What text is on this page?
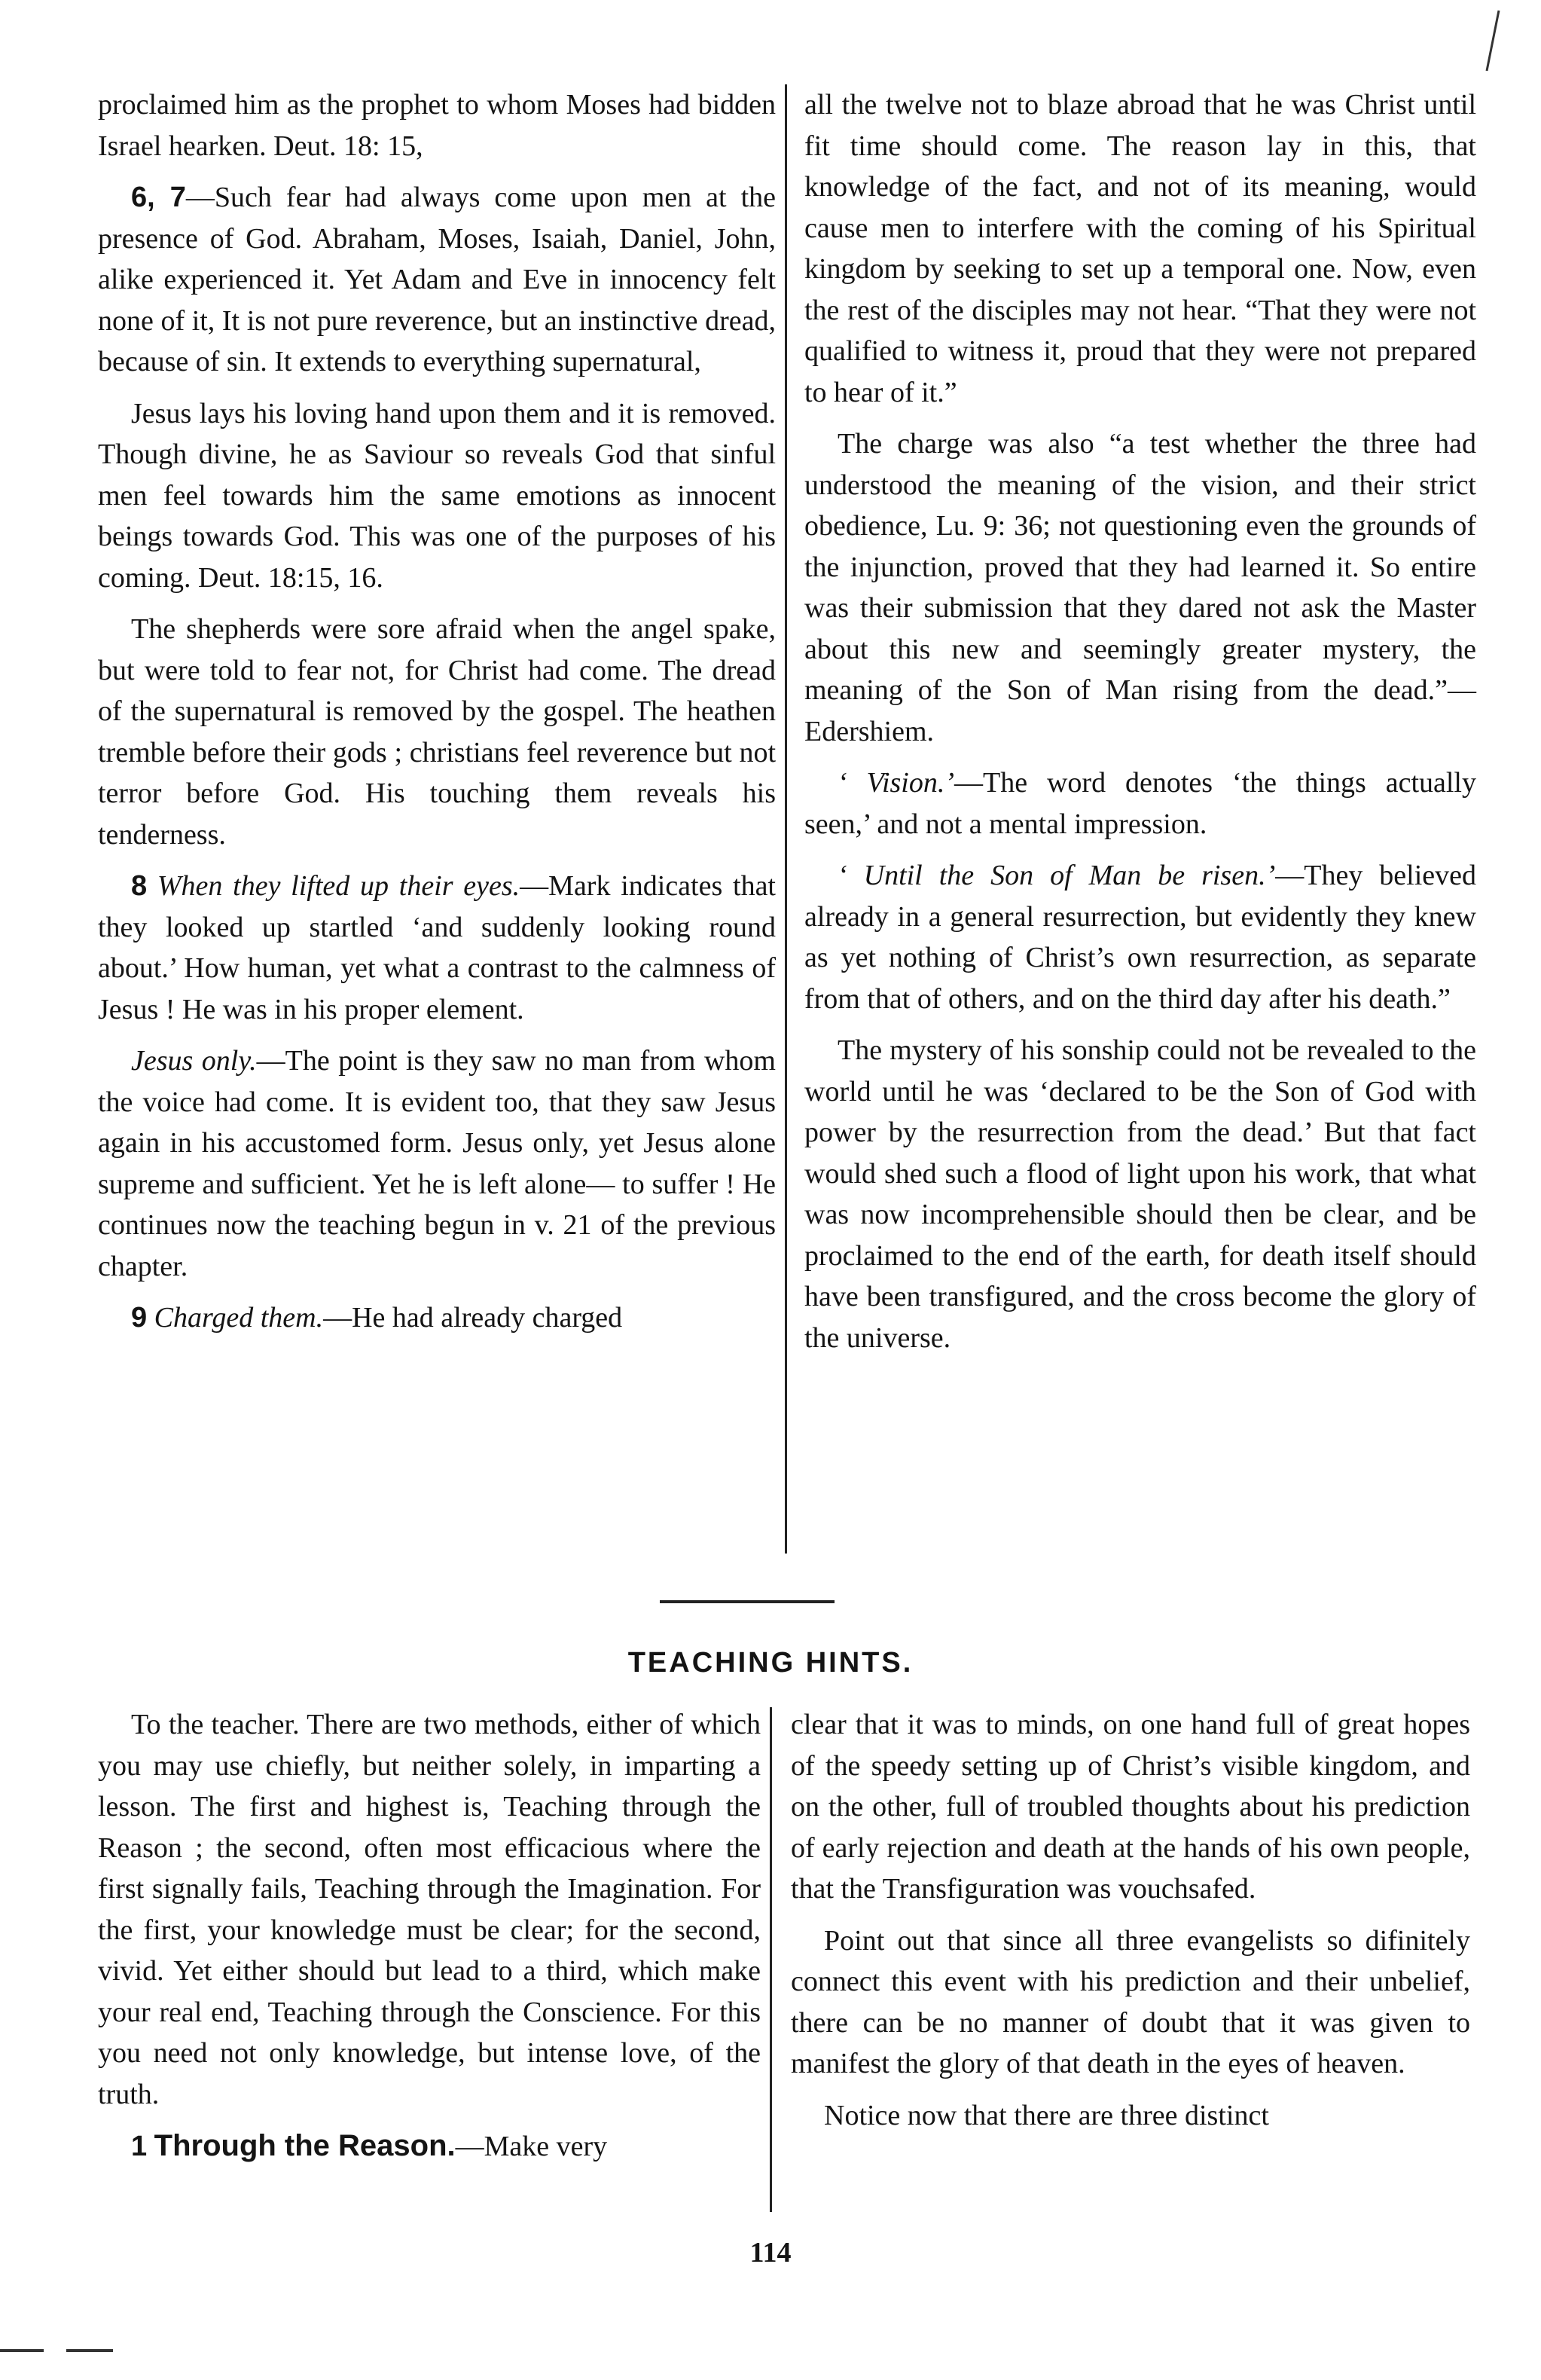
proclaimed him as the prophet to whom Moses had bidden Israel hearken. Deut. 18: 15,

6, 7—Such fear had always come upon men at the presence of God. Abraham, Moses, Isaiah, Daniel, John, alike experienced it. Yet Adam and Eve in innocency felt none of it, It is not pure reverence, but an instinctive dread, because of sin. It extends to everything supernatural,

Jesus lays his loving hand upon them and it is removed. Though divine, he as Saviour so reveals God that sinful men feel towards him the same emotions as innocent beings towards God. This was one of the purposes of his coming. Deut. 18:15, 16.

The shepherds were sore afraid when the angel spake, but were told to fear not, for Christ had come. The dread of the supernatural is removed by the gospel. The heathen tremble before their gods ; christians feel reverence but not terror before God. His touching them reveals his tenderness.

8 When they lifted up their eyes.—Mark indicates that they looked up startled ‘and suddenly looking round about.’ How human, yet what a contrast to the calmness of Jesus ! He was in his proper element.

Jesus only.—The point is they saw no man from whom the voice had come. It is evident too, that they saw Jesus again in his accustomed form. Jesus only, yet Jesus alone supreme and sufficient. Yet he is left alone— to suffer ! He continues now the teaching begun in v. 21 of the previous chapter.

9 Charged them.—He had already charged

all the twelve not to blaze abroad that he was Christ until fit time should come. The reason lay in this, that knowledge of the fact, and not of its meaning, would cause men to interfere with the coming of his Spiritual kingdom by seeking to set up a temporal one. Now, even the rest of the disciples may not hear. “That they were not qualified to witness it, proud that they were not prepared to hear of it.”

The charge was also “a test whether the three had understood the meaning of the vision, and their strict obedience, Lu. 9: 36; not questioning even the grounds of the injunction, proved that they had learned it. So entire was their submission that they dared not ask the Master about this new and seemingly greater mystery, the meaning of the Son of Man rising from the dead.”—Edershiem.

‘ Vision.’—The word denotes ‘the things actually seen,’ and not a mental impression.

‘ Until the Son of Man be risen.’—They believed already in a general resurrection, but evidently they knew as yet nothing of Christ’s own resurrection, as separate from that of others, and on the third day after his death.”

The mystery of his sonship could not be revealed to the world until he was ‘declared to be the Son of God with power by the resurrection from the dead.’ But that fact would shed such a flood of light upon his work, that what was now incomprehensible should then be clear, and be proclaimed to the end of the earth, for death itself should have been transfigured, and the cross become the glory of the universe.

TEACHING HINTS.

To the teacher. There are two methods, either of which you may use chiefly, but neither solely, in imparting a lesson. The first and highest is, Teaching through the Reason ; the second, often most efficacious where the first signally fails, Teaching through the Imagination. For the first, your knowledge must be clear; for the second, vivid. Yet either should but lead to a third, which make your real end, Teaching through the Conscience. For this you need not only knowledge, but intense love, of the truth.

1 Through the Reason.—Make very

clear that it was to minds, on one hand full of great hopes of the speedy setting up of Christ’s visible kingdom, and on the other, full of troubled thoughts about his prediction of early rejection and death at the hands of his own people, that the Transfiguration was vouchsafed.

Point out that since all three evangelists so difinitely connect this event with his prediction and their unbelief, there can be no manner of doubt that it was given to manifest the glory of that death in the eyes of heaven.

Notice now that there are three distinct

114
